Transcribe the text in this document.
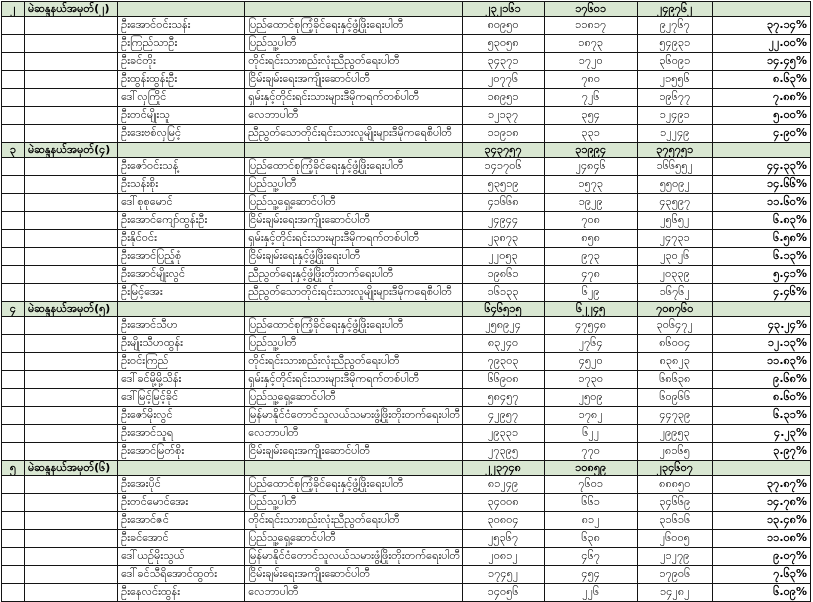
၂	မဲဆန္ဒနယ်အမှတ်(၂)			၂၃၂၁၆၁	၁၇၆၀၁	၂၄၉၇၆၂	
		ဦးအောင်ဝင်းသန်း	ပြည်ထောင်စုကြံ့ခိုင်ရေးနှင့်ဖွံ့ဖြိုးရေးပါတီ	၈၀၉၅၀	၁၁၈၁၇	၉၂၇၆၇	၃၇.၁၄%
		ဦးကြည်သာဦး	ပြည်သူ့ပါတီ	၅၃၀၅၈	၁၈၇၃	၅၄၉၃၁	၂၂.၀၀%
		ဦးခင်တိုး	တိုင်းရင်းသားစည်းလုံးညီညွတ်ရေးပါတီ	၃၄၃၇၁	၁၇၂၀	၃၆၀၉၁	၁၄.၄၅%
		ဦးထွန်းထွန်းဦး	ငြိမ်းချမ်းရေးအကျိုးဆောင်ပါတီ	၂၀၇၇၆	၇၈၀	၂၁၅၅၆	၈.၆၃%
		ဒေါ်လှကြိုင်	ရှမ်းနှင့်တိုင်းရင်းသားများဒီမိုကရက်တစ်ပါတီ	၁၈၉၅၁	၇၂၆	၁၉၆၇၇	၇.၈၈%
		ဦးတင်မျိုးသူ	လေဘာပါတီ	၁၂၁၃၇	၃၅၄	၁၂၄၉၁	၅.၀၀%
		ဦးဒေးဗစ်လှမြင့်	ညီညွတ်သောတိုင်းရင်းသားလူမျိုးများဒီမိုကရေစီပါတီ	၁၁၉၁၈	၃၃၁	၁၂၂၄၉	၄.၉၀%
၃	မဲဆန္ဒနယ်အမှတ်(၄)			၃၄၃၇၅၇	၃၁၉၉၄	၃၇၅၇၅၁	
		ဦးဇော်ဝင်းသန့်	ပြည်ထောင်စုကြံ့ခိုင်ရေးနှင့်ဖွံ့ဖြိုးရေးပါတီ	၁၄၁၇၀၆	၂၄၈၄၆	၁၆၆၅၅၂	၄၄.၃၃%
		ဦးသန်းစိုး	ပြည်သူ့ပါတီ	၅၃၅၁၉	၁၅၇၃	၅၅၀၉၂	၁၄.၆၆%
		ဒေါ်စုစုမောင်	ပြည်သူ့ရှေ့ဆောင်ပါတီ	၄၁၆၆၈	၁၉၂၉	၄၃၅၉၇	၁၁.၆၀%
		ဦးအောင်ကျော်ထွန်းဦး	ငြိမ်းချမ်းရေးအကျိုးဆောင်ပါတီ	၂၄၉၄၄	၇၀၈	၂၅၆၅၂	၆.၈၃%
		ဦးနိုင်ဝင်း	ရှမ်းနှင့်တိုင်းရင်းသားများဒီမိုကရက်တစ်ပါတီ	၂၃၈၇၃	၈၅၈	၂၄၇၃၁	၆.၅၈%
		ဦးအောင်ပြည့်စုံ	ငြိမ်းချမ်းရေးနှင့်ဖွံ့ဖြိုးရေးပါတီ	၂၂၀၅၃	၉၇၃	၂၃၀၂၆	၆.၁၃%
		ဦးအောင်မျိုးလွင်	ညီညွတ်ရေးနှင့်ဖွံ့ဖြိုးတိုးတက်ရေးပါတီ	၁၉၈၆၁	၄၇၈	၂၀၃၃၉	၅.၄၁%
		ဦးမြင့်အေး	ညီညွတ်သောတိုင်းရင်းသားလူမျိုးများဒီမိုကရေစီပါတီ	၁၆၁၃၃	၆၂၉	၁၆၇၆၂	၄.၄၆%
၄	မဲဆန္ဒနယ်အမှတ်(၅)			၆၄၆၅၁၅	၆၂၂၄၅	၇၀၈၇၆၀	
		ဦးအောင်သီဟ	ပြည်ထောင်စုကြံ့ခိုင်ရေးနှင့်ဖွံ့ဖြိုးရေးပါတီ	၂၅၈၉၂၄	၄၇၅၄၈	၃၀၆၄၇၂	၄၃.၂၄%
		ဦးမျိုးသီဟထွန်း	ပြည်သူ့ပါတီ	၈၃၂၄၀	၂၇၆၄	၈၆၀၀၄	၁၂.၁၃%
		ဦးဝင်းကြည်	တိုင်းရင်းသားစည်းလုံးညီညွတ်ရေးပါတီ	၇၉၃၀၃	၄၅၂၀	၈၃၈၂၃	၁၁.၈၃%
		ဒေါ်ခင်မို့မို့သိန်း	ရှမ်းနှင့်တိုင်းရင်းသားများဒီမိုကရက်တစ်ပါတီ	၆၆၉၀၈	၁၇၃၀	၆၈၆၃၈	၉.၆၈%
		ဒေါ်မြင့်မြင့်ခိုင်	ပြည်သူ့ရှေ့ဆောင်ပါတီ	၅၈၄၅၇	၂၅၀၉	၆၀၉၆၆	၈.၆၀%
		ဦးဇော်မိုးလွင်	မြန်မာနိုင်ငံတောင်သူလယ်သမားဖွံ့ဖြိုးတိုးတက်ရေးပါတီ	၄၂၉၅၇	၁၇၈၂	၄၄၇၃၉	၆.၃၁%
		ဦးအောင်သူရ	လေဘာပါတီ	၂၉၃၃၁	၆၂၂	၂၉၉၅၃	၄.၂၃%
		ဦးအောင်မြတ်စိုး	ငြိမ်းချမ်းရေးအကျိုးဆောင်ပါတီ	၂၇၃၉၅	၇၇၀	၂၈၁၆၅	၃.၉၇%
၅	မဲဆန္ဒနယ်အမှတ်(၆)			၂၂၃၇၄၈	၁၀၈၅၉	၂၃၄၆၀၇	
		ဦးအေးပိုင်	ပြည်ထောင်စုကြံ့ခိုင်ရေးနှင့်ဖွံ့ဖြိုးရေးပါတီ	၈၁၂၄၉	၇၆၀၁	၈၈၈၅၀	၃၇.၈၇%
		ဦးတင်မောင်အေး	ပြည်သူ့ပါတီ	၃၄၀၀၈	၆၆၁	၃၄၆၆၉	၁၄.၇၈%
		ဦးအောင်ဇင်	တိုင်းရင်းသားစည်းလုံးညီညွတ်ရေးပါတီ	၃၀၈၀၄	၈၁၂	၃၁၆၁၆	၁၃.၄၈%
		ဦးခင်အောင်	ပြည်သူ့ရှေ့ဆောင်ပါတီ	၂၅၃၆၇	၆၃၈	၂၆၀၀၅	၁၁.၀၈%
		ဒေါ်ယဉ်မိုးသွယ်	မြန်မာနိုင်ငံတောင်သူလယ်သမားဖွံ့ဖြိုးတိုးတက်ရေးပါတီ	၂၀၈၁၂	၄၆၇	၂၁၂၇၉	၉.၀၇%
		ဒေါ်ခင်သီရိအောင်ထွတ်း	ငြိမ်းချမ်းရေးအကျိုးဆောင်ပါတီ	၁၇၄၅၂	၄၅၄	၁၇၉၀၆	၇.၆၃%
		ဦးနေလင်းထွန်း	လေဘာပါတီ	၁၄၀၅၆	၂၂၆	၁၄၂၈၂	၆.၀၉%
